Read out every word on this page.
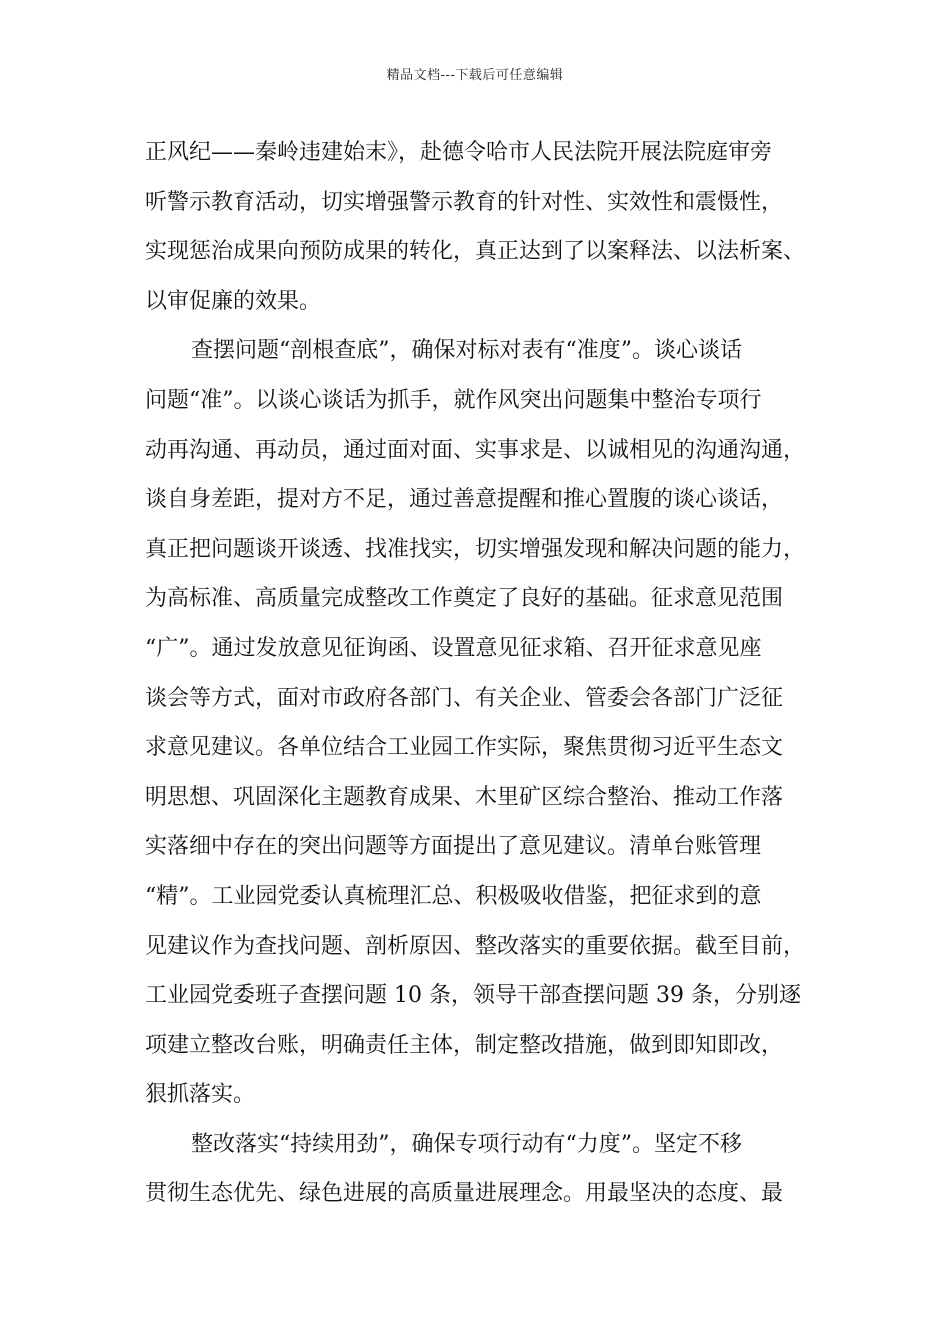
精品文档---下载后可任意编辑
正风纪——秦岭违建始末》，赴德令哈市人民法院开展法院庭审旁
听警示教育活动，切实增强警示教育的针对性、实效性和震慑性，
实现惩治成果向预防成果的转化，真正达到了以案释法、以法析案、
以审促廉的效果。
查摆问题“剖根查底”，确保对标对表有“准度”。谈心谈话
问题“准”。以谈心谈话为抓手，就作风突出问题集中整治专项行
动再沟通、再动员，通过面对面、实事求是、以诚相见的沟通沟通，
谈自身差距，提对方不足，通过善意提醒和推心置腹的谈心谈话，
真正把问题谈开谈透、找准找实，切实增强发现和解决问题的能力，
为高标准、高质量完成整改工作奠定了良好的基础。征求意见范围
“广”。通过发放意见征询函、设置意见征求箱、召开征求意见座
谈会等方式，面对市政府各部门、有关企业、管委会各部门广泛征
求意见建议。各单位结合工业园工作实际，聚焦贯彻习近平生态文
明思想、巩固深化主题教育成果、木里矿区综合整治、推动工作落
实落细中存在的突出问题等方面提出了意见建议。清单台账管理
“精”。工业园党委认真梳理汇总、积极吸收借鉴，把征求到的意
见建议作为查找问题、剖析原因、整改落实的重要依据。截至目前，
工业园党委班子查摆问题 10 条，领导干部查摆问题 39 条，分别逐
项建立整改台账，明确责任主体，制定整改措施，做到即知即改，
狠抓落实。
整改落实“持续用劲”，确保专项行动有“力度”。坚定不移
贯彻生态优先、绿色进展的高质量进展理念。用最坚决的态度、最
